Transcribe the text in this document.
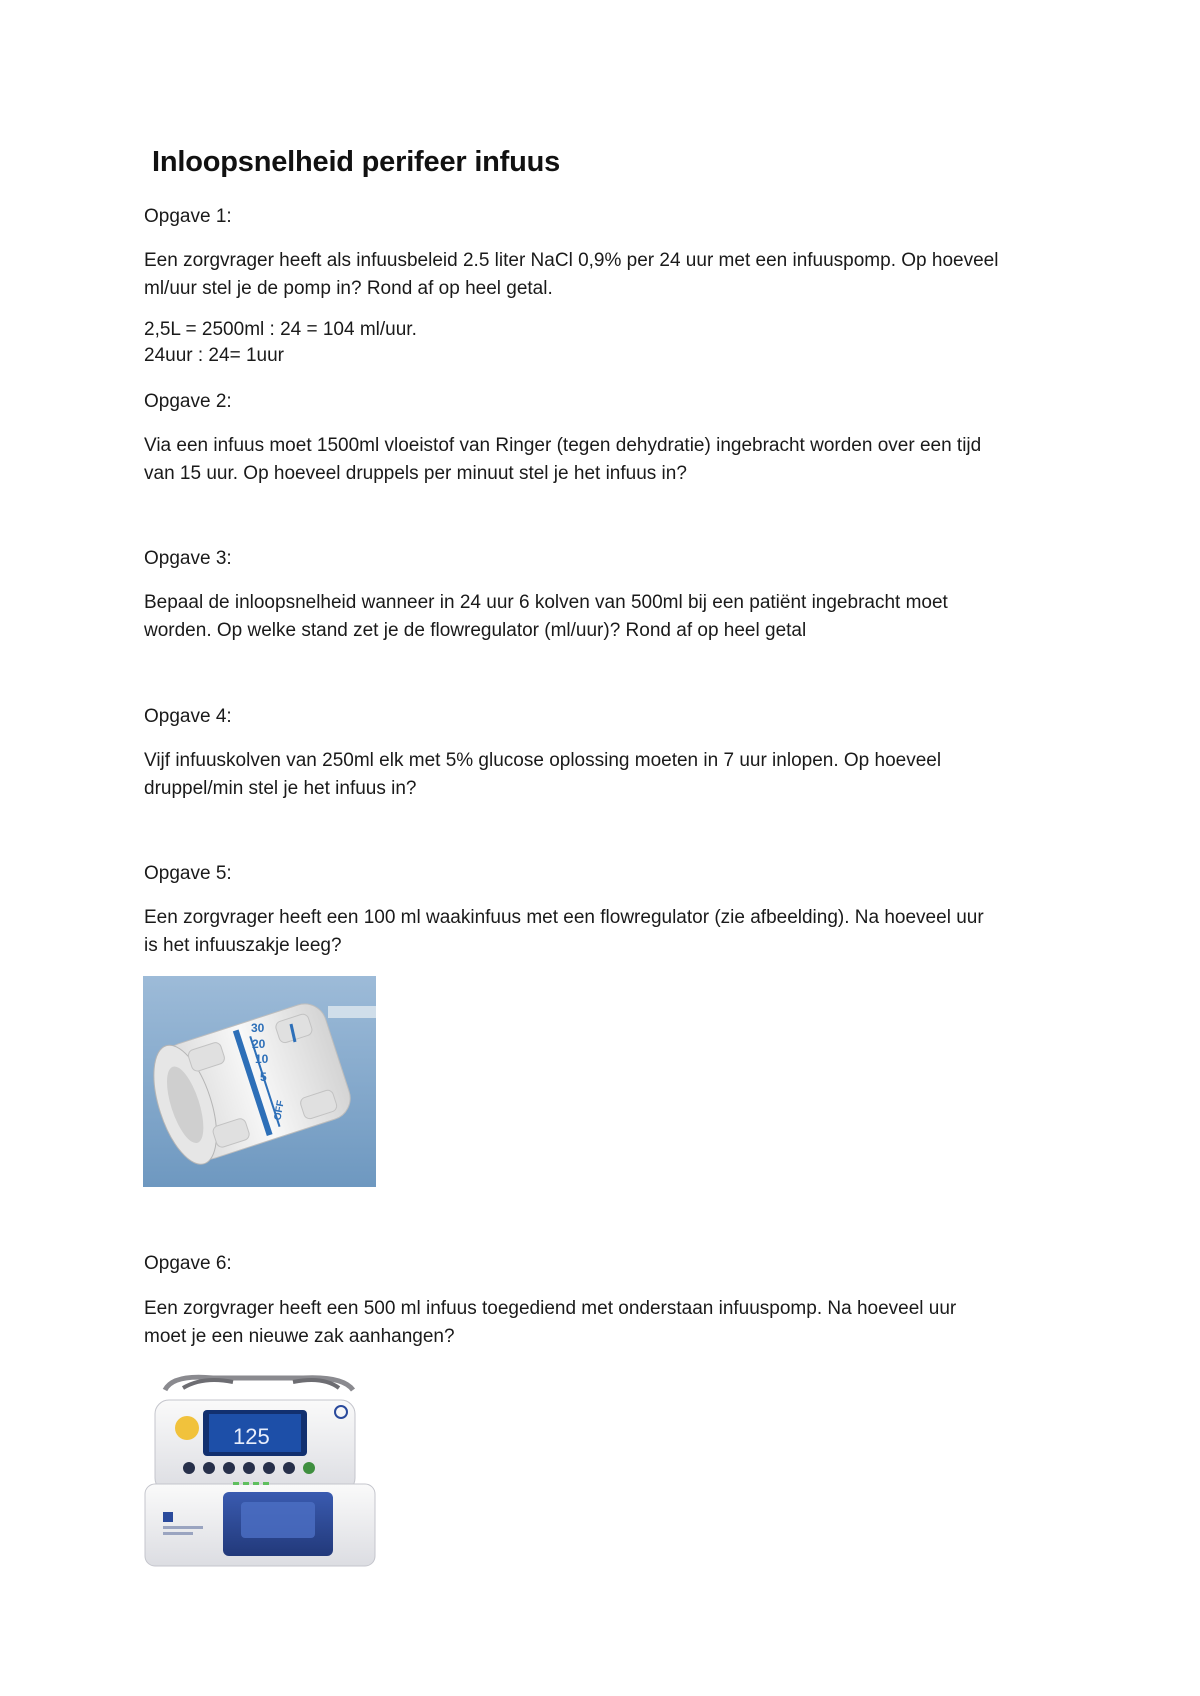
Inloopsnelheid perifeer infuus
Opgave 1:
Een zorgvrager heeft als infuusbeleid 2.5 liter NaCl 0,9% per 24 uur met een infuuspomp. Op hoeveel
ml/uur stel je de pomp in? Rond af op heel getal.
2,5L = 2500ml : 24 = 104 ml/uur.
24uur : 24= 1uur
Opgave 2:
Via een infuus moet 1500ml vloeistof van Ringer (tegen dehydratie) ingebracht worden over een tijd
van 15 uur. Op hoeveel druppels per minuut stel je het infuus in?
Opgave 3:
Bepaal de inloopsnelheid wanneer in 24 uur 6 kolven van 500ml bij een patiënt ingebracht moet
worden. Op welke stand zet je de flowregulator (ml/uur)? Rond af op heel getal
Opgave 4:
Vijf infuuskolven van 250ml elk met 5% glucose oplossing moeten in 7 uur inlopen. Op hoeveel
druppel/min stel je het infuus in?
Opgave 5:
Een zorgvrager heeft een 100 ml waakinfuus met een flowregulator (zie afbeelding). Na hoeveel uur
is het infuuszakje leeg?
30
20
10
5
OFF
Opgave 6:
Een zorgvrager heeft een 500 ml infuus toegediend met onderstaan infuuspomp. Na hoeveel uur
moet je een nieuwe zak aanhangen?
125
